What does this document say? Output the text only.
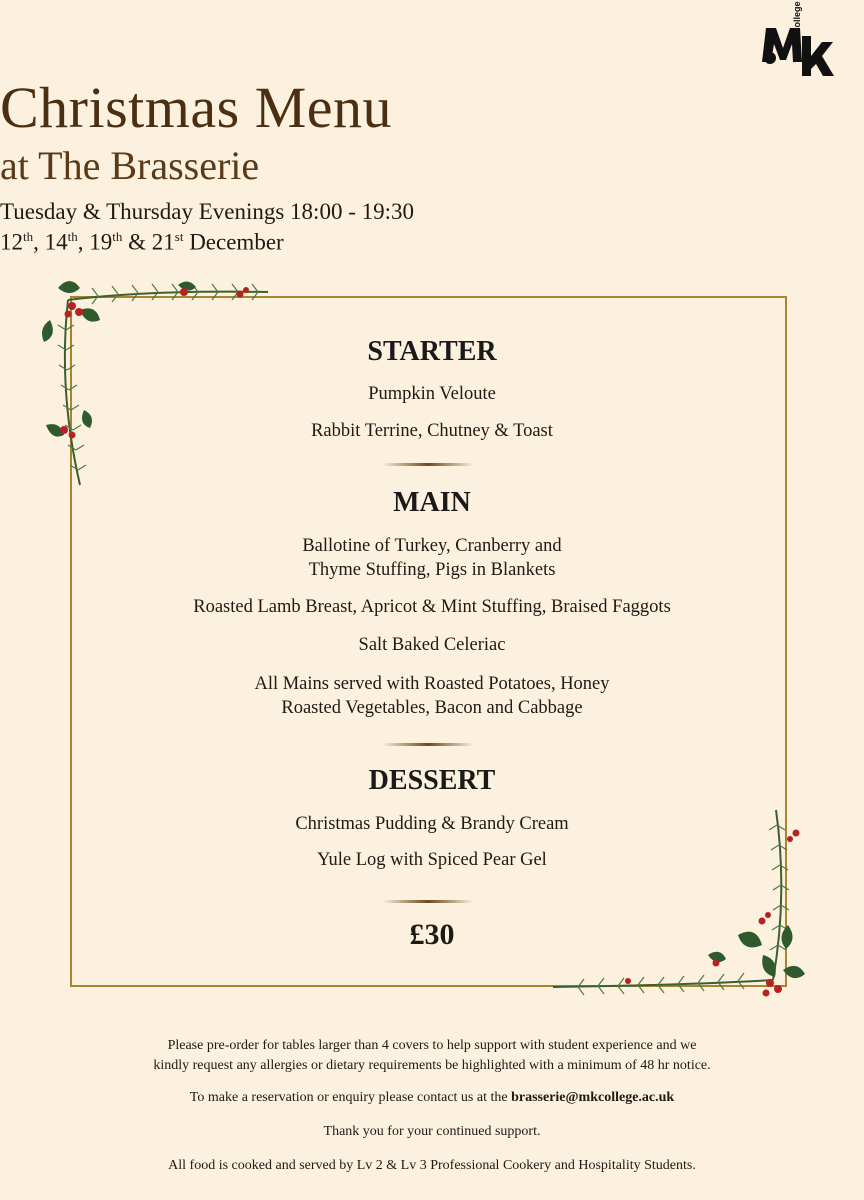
College
Christmas Menu
at The Brasserie
Tuesday & Thursday Evenings 18:00 - 19:30
12th, 14th, 19th & 21st December
STARTER
Pumpkin Veloute
Rabbit Terrine, Chutney & Toast
MAIN
Ballotine of Turkey, Cranberry and
Thyme Stuffing, Pigs in Blankets
Roasted Lamb Breast, Apricot & Mint Stuffing, Braised Faggots
Salt Baked Celeriac
All Mains served with Roasted Potatoes, Honey
Roasted Vegetables, Bacon and Cabbage
DESSERT
Christmas Pudding & Brandy Cream
Yule Log with Spiced Pear Gel
£30
Please pre-order for tables larger than 4 covers to help support with student experience and we
kindly request any allergies or dietary requirements be highlighted with a minimum of 48 hr notice.
To make a reservation or enquiry please contact us at the brasserie@mkcollege.ac.uk
Thank you for your continued support.
All food is cooked and served by Lv 2 & Lv 3 Professional Cookery and Hospitality Students.
